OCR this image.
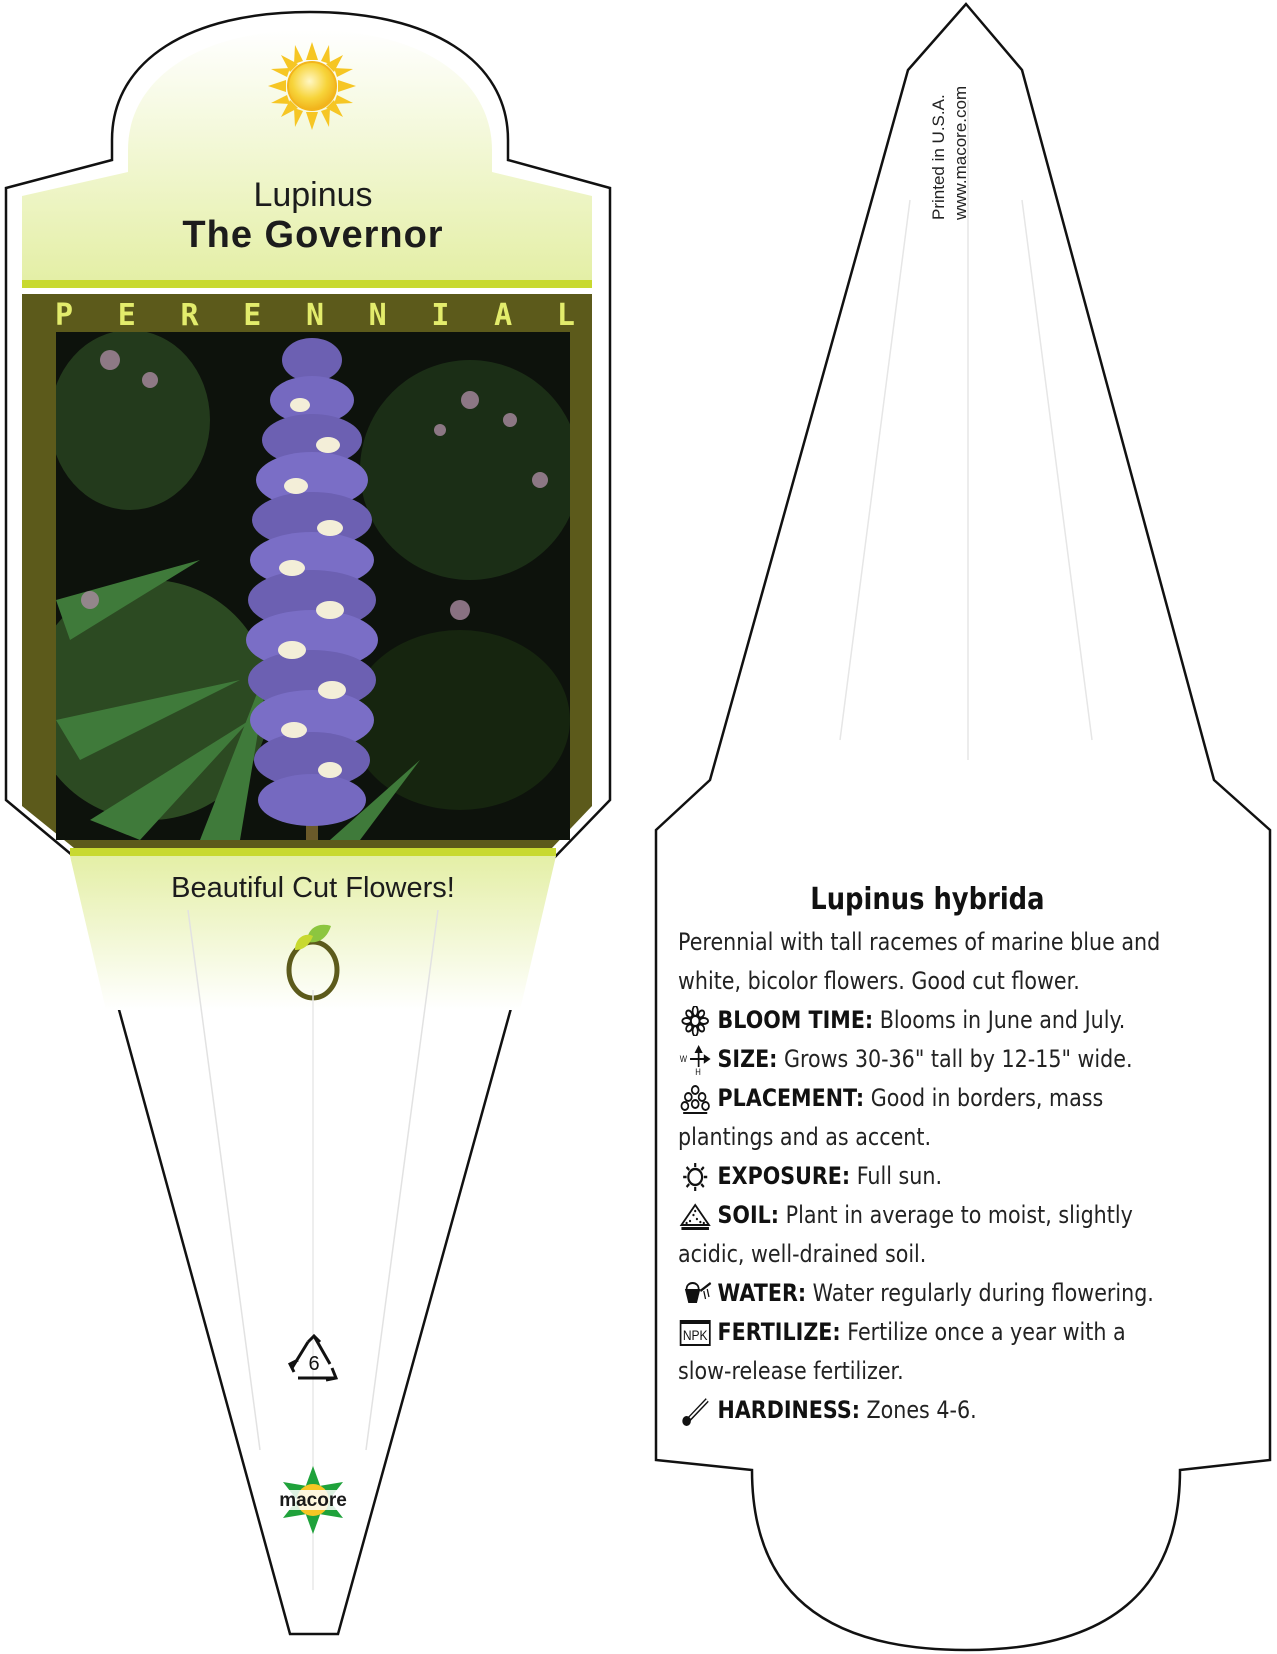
Lupinus
The Governor
P E R E N N I A L
Beautiful Cut Flowers!
6
macore
Printed in U.S.A. www.macore.com
Lupinus hybrida
Perennial with tall racemes of marine blue and white, bicolor flowers. Good cut flower.
BLOOM TIME: Blooms in June and July.
W
H SIZE: Grows 30-36" tall by 12-15" wide.
PLACEMENT: Good in borders, mass plantings and as accent.
EXPOSURE: Full sun.
SOIL: Plant in average to moist, slightly acidic, well-drained soil.
WATER: Water regularly during flowering.
NPK FERTILIZE: Fertilize once a year with a slow-release fertilizer.
HARDINESS: Zones 4-6.
